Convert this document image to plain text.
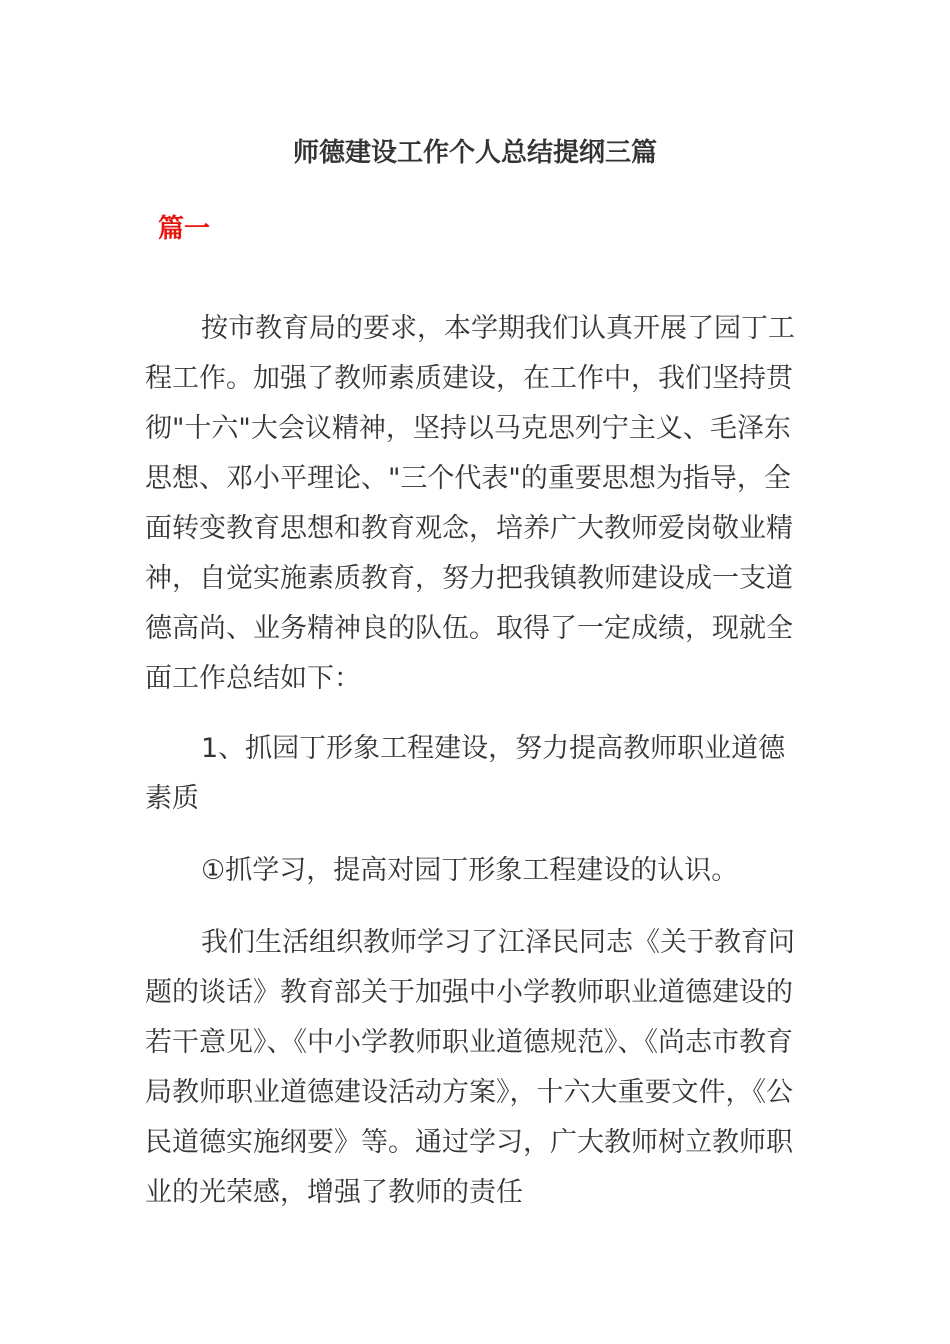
师德建设工作个人总结提纲三篇
篇一

按市教育局的要求，本学期我们认真开展了园丁工程工作。加强了教师素质建设，在工作中，我们坚持贯彻"十六"大会议精神，坚持以马克思列宁主义、毛泽东思想、邓小平理论、"三个代表"的重要思想为指导，全面转变教育思想和教育观念，培养广大教师爱岗敬业精神，自觉实施素质教育，努力把我镇教师建设成一支道德高尚、业务精神良的队伍。取得了一定成绩，现就全面工作总结如下：

1、抓园丁形象工程建设，努力提高教师职业道德素质

①抓学习，提高对园丁形象工程建设的认识。

我们生活组织教师学习了江泽民同志《关于教育问题的谈话》教育部关于加强中小学教师职业道德建设的若干意见》、《中小学教师职业道德规范》、《尚志市教育局教师职业道德建设活动方案》，十六大重要文件，《公民道德实施纲要》等。通过学习，广大教师树立教师职业的光荣感，增强了教师的责任
